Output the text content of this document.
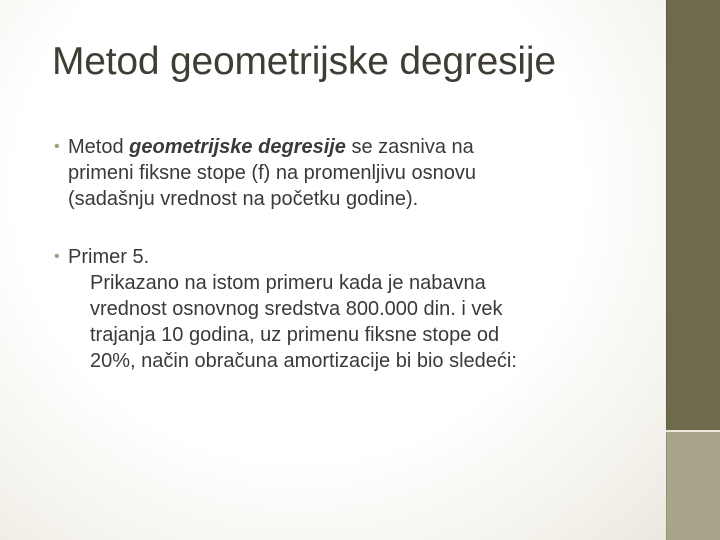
Metod geometrijske degresije
• Metod geometrijske degresije se zasniva na
primeni fiksne stope (f) na promenljivu osnovu
(sadašnju vrednost na početku godine).
• Primer 5.
Prikazano na istom primeru kada je nabavna
vrednost osnovnog sredstva 800.000 din. i vek
trajanja 10 godina, uz primenu fiksne stope od
20%, način obračuna amortizacije bi bio sledeći:
